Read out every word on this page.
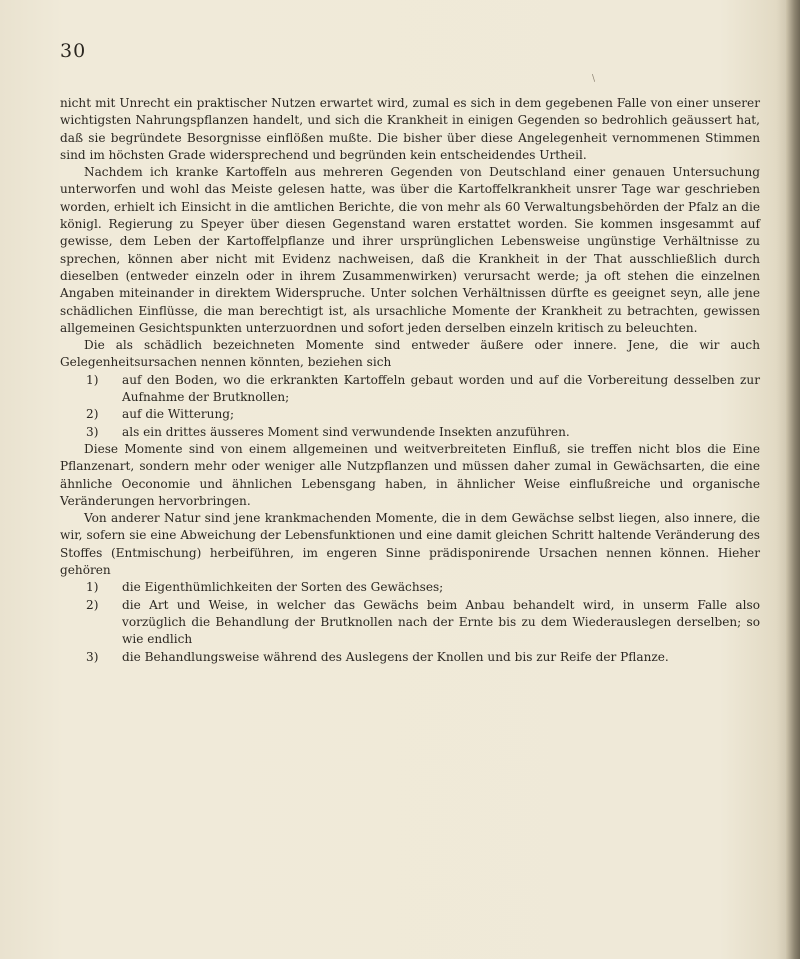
30
\

nicht mit Unrecht ein praktischer Nutzen erwartet wird, zumal es sich in dem gegebenen Falle von einer unserer wichtigsten Nahrungspflanzen handelt, und sich die Krankheit in einigen Gegenden so bedrohlich geäussert hat, daß sie begründete Besorgnisse einflößen mußte. Die bisher über diese Angelegenheit vernommenen Stimmen sind im höchsten Grade widersprechend und begründen kein entscheidendes Urtheil.

Nachdem ich kranke Kartoffeln aus mehreren Gegenden von Deutschland einer genauen Untersuchung unterworfen und wohl das Meiste gelesen hatte, was über die Kartoffelkrankheit unsrer Tage war geschrieben worden, erhielt ich Einsicht in die amtlichen Berichte, die von mehr als 60 Verwaltungsbehörden der Pfalz an die königl. Regierung zu Speyer über diesen Gegenstand waren erstattet worden. Sie kommen insgesammt auf gewisse, dem Leben der Kartoffelpflanze und ihrer ursprünglichen Lebensweise ungünstige Verhältnisse zu sprechen, können aber nicht mit Evidenz nachweisen, daß die Krankheit in der That ausschließlich durch dieselben (entweder einzeln oder in ihrem Zusammenwirken) verursacht werde; ja oft stehen die einzelnen Angaben miteinander in direktem Widerspruche. Unter solchen Verhältnissen dürfte es geeignet seyn, alle jene schädlichen Einflüsse, die man berechtigt ist, als ursachliche Momente der Krankheit zu betrachten, gewissen allgemeinen Gesichtspunkten unterzuordnen und sofort jeden derselben einzeln kritisch zu beleuchten.

Die als schädlich bezeichneten Momente sind entweder äußere oder innere. Jene, die wir auch Gelegenheitsursachen nennen könnten, beziehen sich

1) auf den Boden, wo die erkrankten Kartoffeln gebaut worden und auf die Vorbereitung desselben zur Aufnahme der Brutknollen;
2) auf die Witterung;
3) als ein drittes äusseres Moment sind verwundende Insekten anzuführen.

Diese Momente sind von einem allgemeinen und weitverbreiteten Einfluß, sie treffen nicht blos die Eine Pflanzenart, sondern mehr oder weniger alle Nutzpflanzen und müssen daher zumal in Gewächsarten, die eine ähnliche Oeconomie und ähnlichen Lebensgang haben, in ähnlicher Weise einflußreiche und organische Veränderungen hervorbringen.

Von anderer Natur sind jene krankmachenden Momente, die in dem Gewächse selbst liegen, also innere, die wir, sofern sie eine Abweichung der Lebensfunktionen und eine damit gleichen Schritt haltende Veränderung des Stoffes (Entmischung) herbeiführen, im engeren Sinne prädisponirende Ursachen nennen können. Hieher gehören

1) die Eigenthümlichkeiten der Sorten des Gewächses;
2) die Art und Weise, in welcher das Gewächs beim Anbau behandelt wird, in unserm Falle also vorzüglich die Behandlung der Brutknollen nach der Ernte bis zu dem Wiederauslegen derselben; so wie endlich
3) die Behandlungsweise während des Auslegens der Knollen und bis zur Reife der Pflanze.
